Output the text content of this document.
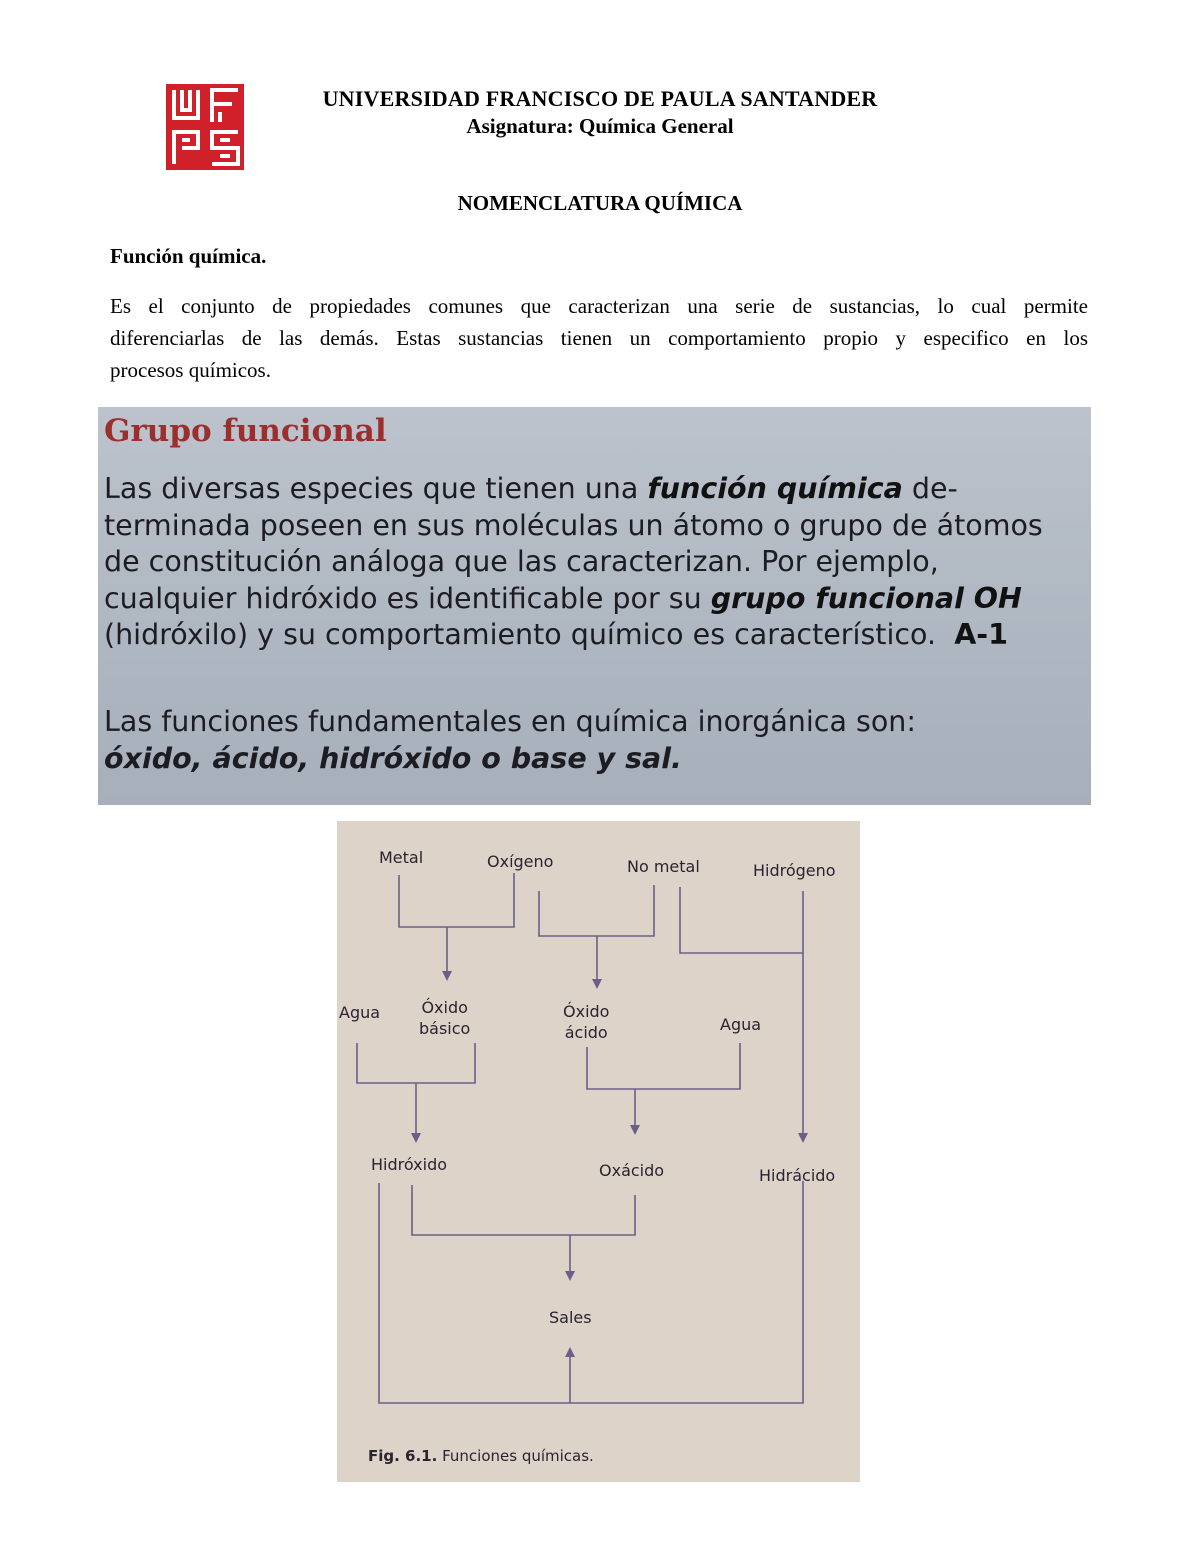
UNIVERSIDAD FRANCISCO DE PAULA SANTANDER
Asignatura: Química General
NOMENCLATURA QUÍMICA
Función química.
Es el conjunto de propiedades comunes que caracterizan una serie de sustancias, lo cual permite
diferenciarlas de las demás. Estas sustancias tienen un comportamiento propio y especifico en los
procesos químicos.
Grupo funcional

Las diversas especies que tienen una función química de-terminada poseen en sus moléculas un átomo o grupo de átomos de constitución análoga que las caracterizan. Por ejemplo, cualquier hidróxido es identificable por su grupo funcional OH (hidróxilo) y su comportamiento químico es característico. A-1

Las funciones fundamentales en química inorgánica son:
óxido, ácido, hidróxido o base y sal.

Metal	Oxígeno	No metal	Hidrógeno
Agua	Óxido
básico
Óxido
ácido	Agua
Hidróxido	Oxácido	Hidrácido
Sales
Fig. 6.1. Funciones químicas.
